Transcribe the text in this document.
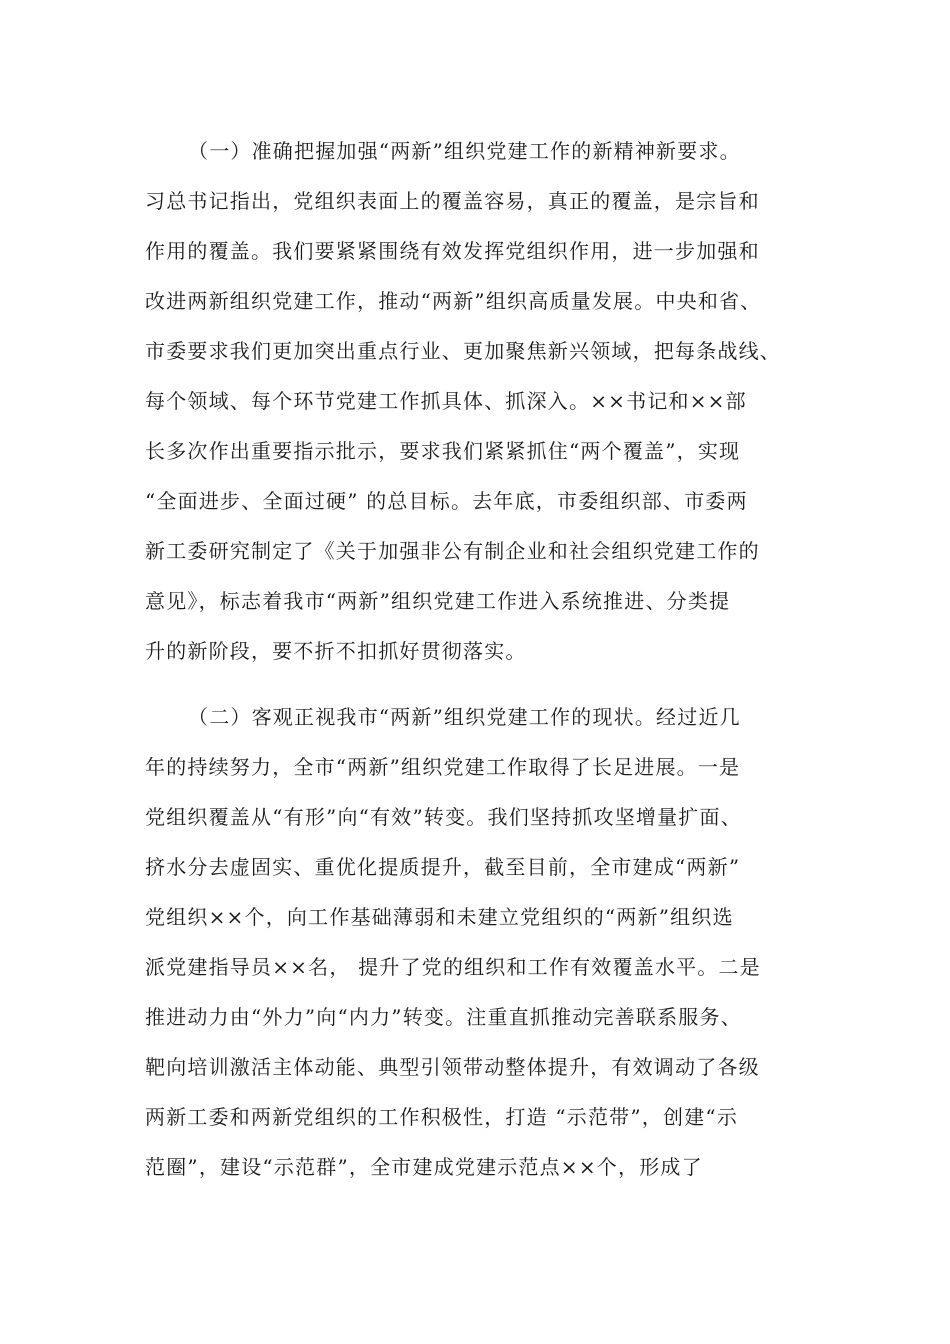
（一）准确把握加强“两新”组织党建工作的新精神新要求。
习总书记指出，党组织表面上的覆盖容易，真正的覆盖，是宗旨和
作用的覆盖。我们要紧紧围绕有效发挥党组织作用，进一步加强和
改进两新组织党建工作，推动“两新”组织高质量发展。中央和省、
市委要求我们更加突出重点行业、更加聚焦新兴领域，把每条战线、
每个领域、每个环节党建工作抓具体、抓深入。××书记和××部
长多次作出重要指示批示，要求我们紧紧抓住“两个覆盖”，实现
“全面进步、全面过硬” 的总目标。去年底，市委组织部、市委两
新工委研究制定了《关于加强非公有制企业和社会组织党建工作的
意见》，标志着我市“两新”组织党建工作进入系统推进、分类提
升的新阶段，要不折不扣抓好贯彻落实。
（二）客观正视我市“两新”组织党建工作的现状。经过近几
年的持续努力，全市“两新”组织党建工作取得了长足进展。一是
党组织覆盖从“有形”向“有效”转变。我们坚持抓攻坚增量扩面、
挤水分去虚固实、重优化提质提升，截至目前，全市建成“两新”
党组织××个，向工作基础薄弱和未建立党组织的“两新”组织选
派党建指导员××名， 提升了党的组织和工作有效覆盖水平。二是
推进动力由“外力”向“内力”转变。注重直抓推动完善联系服务、
靶向培训激活主体动能、典型引领带动整体提升，有效调动了各级
两新工委和两新党组织的工作积极性，打造 “示范带”，创建“示
范圈”，建设“示范群”，全市建成党建示范点××个，形成了
